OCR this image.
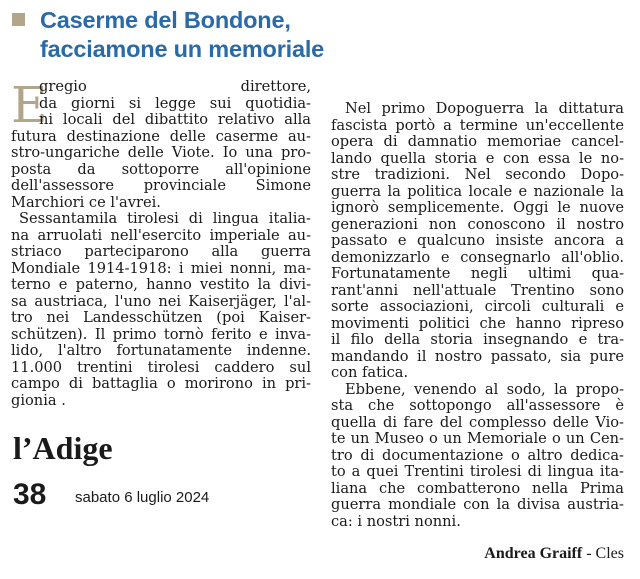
Caserme del Bondone,
facciamone un memoriale
E
gregio direttore,
da giorni si legge sui quotidia-
ni locali del dibattito relativo alla
futura destinazione delle caserme au-
stro-ungariche delle Viote. Io una pro-
posta da sottoporre all'opinione
dell'assessore provinciale Simone
Marchiori ce l'avrei.
Sessantamila tirolesi di lingua italia-
na arruolati nell'esercito imperiale au-
striaco parteciparono alla guerra
Mondiale 1914-1918: i miei nonni, ma-
terno e paterno, hanno vestito la divi-
sa austriaca, l'uno nei Kaiserjäger, l'al-
tro nei Landesschützen (poi Kaiser-
schützen). Il primo tornò ferito e inva-
lido, l'altro fortunatamente indenne.
11.000 trentini tirolesi caddero sul
campo di battaglia o morirono in pri-
gionia .
Nel primo Dopoguerra la dittatura
fascista portò a termine un'eccellente
opera di damnatio memoriae cancel-
lando quella storia e con essa le no-
stre tradizioni. Nel secondo Dopo-
guerra la politica locale e nazionale la
ignorò semplicemente. Oggi le nuove
generazioni non conoscono il nostro
passato e qualcuno insiste ancora a
demonizzarlo e consegnarlo all'oblio.
Fortunatamente negli ultimi qua-
rant'anni nell'attuale Trentino sono
sorte associazioni, circoli culturali e
movimenti politici che hanno ripreso
il filo della storia insegnando e tra-
mandando il nostro passato, sia pure
con fatica.
Ebbene, venendo al sodo, la propo-
sta che sottopongo all'assessore è
quella di fare del complesso delle Vio-
te un Museo o un Memoriale o un Cen-
tro di documentazione o altro dedica-
to a quei Trentini tirolesi di lingua ita-
liana che combatterono nella Prima
guerra mondiale con la divisa austria-
ca: i nostri nonni.
l’Adige
38 sabato 6 luglio 2024
Andrea Graiff - Cles
